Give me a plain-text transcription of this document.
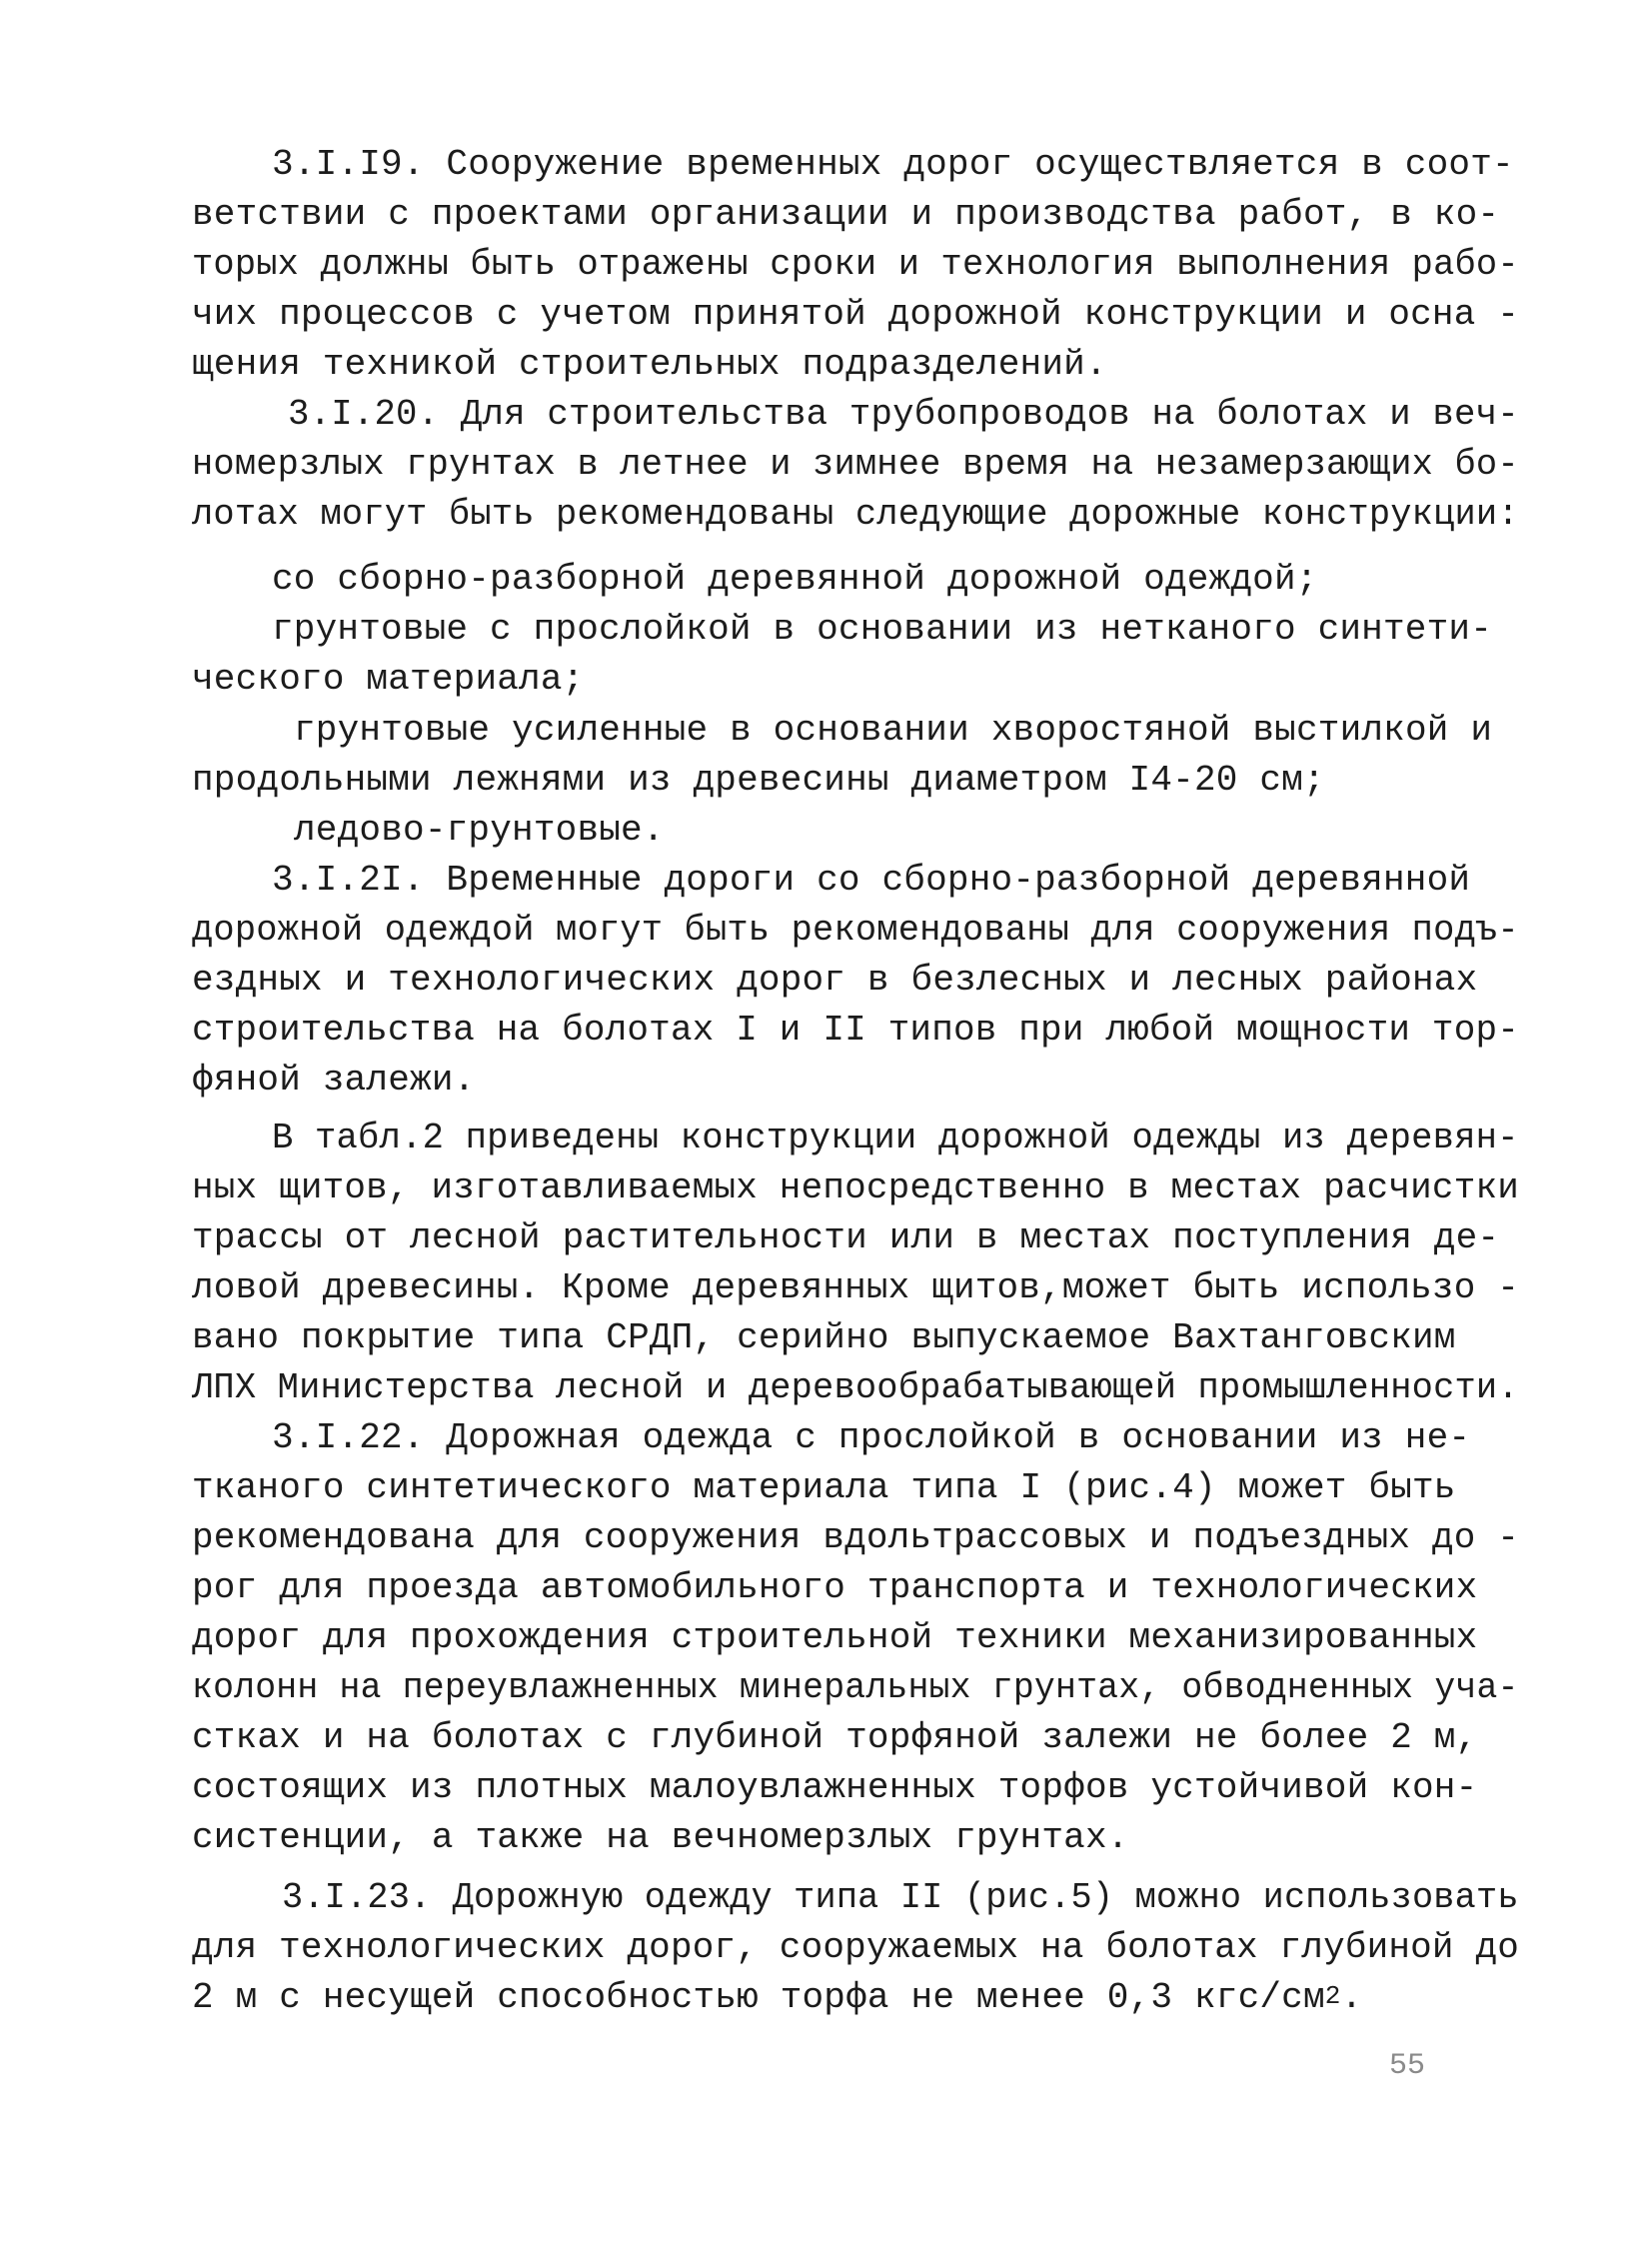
3.I.I9. Сооружение временных дорог осуществляется в соот-
ветствии с проектами организации и производства работ, в ко-
торых должны быть отражены сроки и технология выполнения рабо-
чих процессов с учетом принятой дорожной конструкции и осна -
щения техникой строительных подразделений.
3.I.20. Для строительства трубопроводов на болотах и веч-
номерзлых грунтах в летнее и зимнее время на незамерзающих бо-
лотах могут быть рекомендованы следующие дорожные конструкции:
со сборно-разборной деревянной дорожной одеждой;
грунтовые с прослойкой в основании из нетканого синтети-
ческого материала;
грунтовые усиленные в основании хворостяной выстилкой и
продольными лежнями из древесины диаметром I4-20 см;
ледово-грунтовые.
3.I.2I. Временные дороги со сборно-разборной деревянной
дорожной одеждой могут быть рекомендованы для сооружения подъ-
ездных и технологических дорог в безлесных и лесных районах
строительства на болотах I и II типов при любой мощности тор-
фяной залежи.
В табл.2 приведены конструкции дорожной одежды из деревян-
ных щитов, изготавливаемых непосредственно в местах расчистки
трассы от лесной растительности или в местах поступления де-
ловой древесины. Кроме деревянных щитов,может быть использо -
вано покрытие типа СРДП, серийно выпускаемое Вахтанговским
ЛПХ Министерства лесной и деревообрабатывающей промышленности.
3.I.22. Дорожная одежда с прослойкой в основании из не-
тканого синтетического материала типа I (рис.4) может быть
рекомендована для сооружения вдольтрассовых и подъездных до -
рог для проезда автомобильного транспорта и технологических
дорог для прохождения строительной техники механизированных
колонн на переувлажненных минеральных грунтах, обводненных уча-
стках и на болотах с глубиной торфяной залежи не более 2 м,
состоящих из плотных малоувлажненных торфов устойчивой кон-
систенции, а также на вечномерзлых грунтах.
3.I.23. Дорожную одежду типа II (рис.5) можно использовать
для технологических дорог, сооружаемых на болотах глубиной до
2 м с несущей способностью торфа не менее 0,3 кгс/$см^2$.
55
